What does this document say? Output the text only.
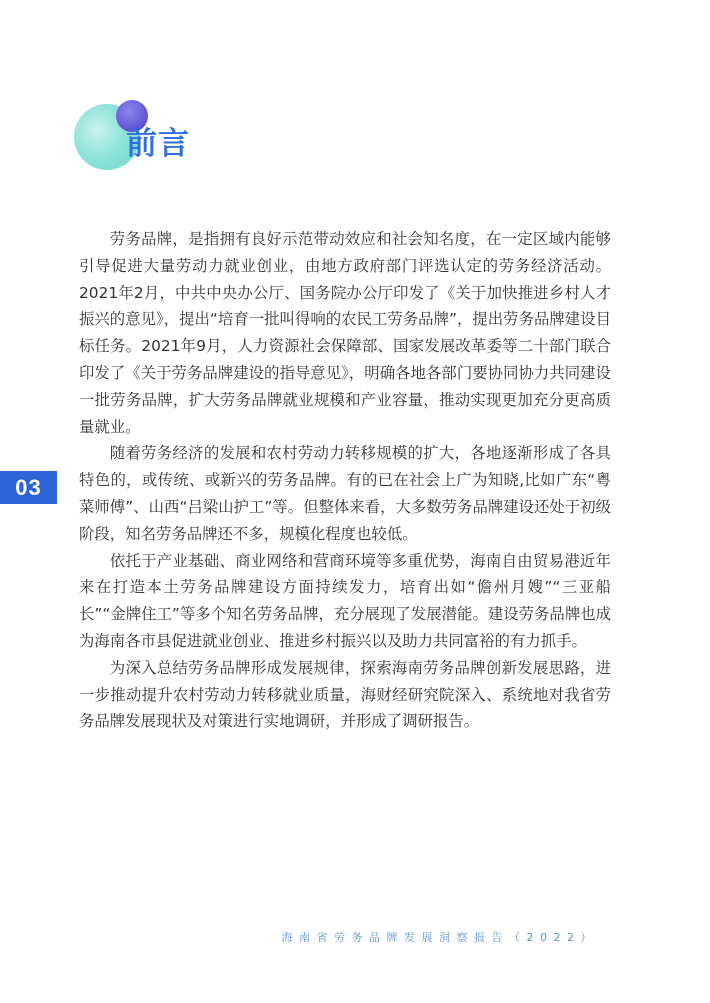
前言
03

劳务品牌，是指拥有良好示范带动效应和社会知名度，在一定区域内能够引导促进大量劳动力就业创业，由地方政府部门评选认定的劳务经济活动。2021年2月，中共中央办公厅、国务院办公厅印发了《关于加快推进乡村人才振兴的意见》，提出“培育一批叫得响的农民工劳务品牌”，提出劳务品牌建设目标任务。2021年9月，人力资源社会保障部、国家发展改革委等二十部门联合印发了《关于劳务品牌建设的指导意见》，明确各地各部门要协同协力共同建设一批劳务品牌，扩大劳务品牌就业规模和产业容量，推动实现更加充分更高质量就业。

随着劳务经济的发展和农村劳动力转移规模的扩大，各地逐渐形成了各具特色的，或传统、或新兴的劳务品牌。有的已在社会上广为知晓,比如广东“粤菜师傅”、山西“吕梁山护工”等。但整体来看，大多数劳务品牌建设还处于初级阶段，知名劳务品牌还不多，规模化程度也较低。

依托于产业基础、商业网络和营商环境等多重优势，海南自由贸易港近年来在打造本土劳务品牌建设方面持续发力，培育出如“儋州月嫂”“三亚船长”“金牌住工”等多个知名劳务品牌，充分展现了发展潜能。建设劳务品牌也成为海南各市县促进就业创业、推进乡村振兴以及助力共同富裕的有力抓手。

为深入总结劳务品牌形成发展规律，探索海南劳务品牌创新发展思路，进一步推动提升农村劳动力转移就业质量，海财经研究院深入、系统地对我省劳务品牌发展现状及对策进行实地调研，并形成了调研报告。

海南省劳务品牌发展洞察报告（2022）
